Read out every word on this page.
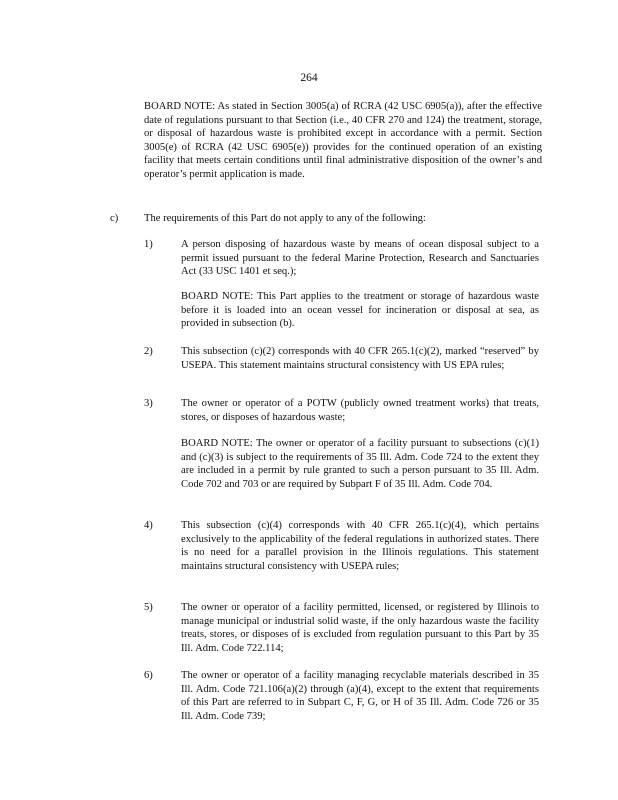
264

BOARD NOTE: As stated in Section 3005(a) of RCRA (42 USC 6905(a)), after the effective date of regulations pursuant to that Section (i.e., 40 CFR 270 and 124) the treatment, storage, or disposal of hazardous waste is prohibited except in accordance with a permit. Section 3005(e) of RCRA (42 USC 6905(e)) provides for the continued operation of an existing facility that meets certain conditions until final administrative disposition of the owner’s and operator’s permit application is made.

c) The requirements of this Part do not apply to any of the following:

1)	A person disposing of hazardous waste by means of ocean disposal subject to a permit issued pursuant to the federal Marine Protection, Research and Sanctuaries Act (33 USC 1401 et seq.);

BOARD NOTE: This Part applies to the treatment or storage of hazardous waste before it is loaded into an ocean vessel for incineration or disposal at sea, as provided in subsection (b).

2)	This subsection (c)(2) corresponds with 40 CFR 265.1(c)(2), marked “reserved” by USEPA. This statement maintains structural consistency with US EPA rules;

3)	The owner or operator of a POTW (publicly owned treatment works) that treats, stores, or disposes of hazardous waste;

BOARD NOTE: The owner or operator of a facility pursuant to subsections (c)(1) and (c)(3) is subject to the requirements of 35 Ill. Adm. Code 724 to the extent they are included in a permit by rule granted to such a person pursuant to 35 Ill. Adm. Code 702 and 703 or are required by Subpart F of 35 Ill. Adm. Code 704.

4)	This subsection (c)(4) corresponds with 40 CFR 265.1(c)(4), which pertains exclusively to the applicability of the federal regulations in authorized states. There is no need for a parallel provision in the Illinois regulations. This statement maintains structural consistency with USEPA rules;

5)	The owner or operator of a facility permitted, licensed, or registered by Illinois to manage municipal or industrial solid waste, if the only hazardous waste the facility treats, stores, or disposes of is excluded from regulation pursuant to this Part by 35 Ill. Adm. Code 722.114;

6)	The owner or operator of a facility managing recyclable materials described in 35 Ill. Adm. Code 721.106(a)(2) through (a)(4), except to the extent that requirements of this Part are referred to in Subpart C, F, G, or H of 35 Ill. Adm. Code 726 or 35 Ill. Adm. Code 739;
